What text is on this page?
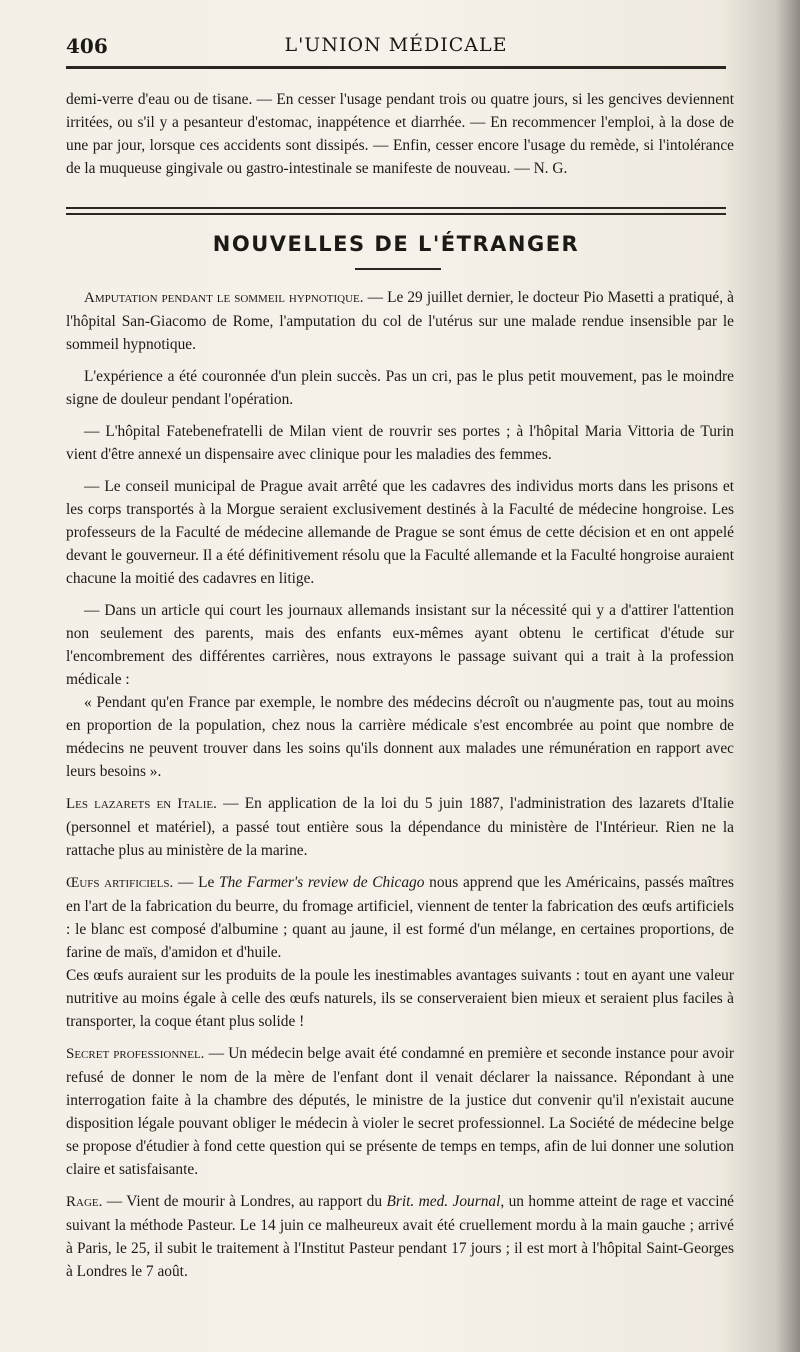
406	L'UNION MÉDICALE
demi-verre d'eau ou de tisane. — En cesser l'usage pendant trois ou quatre jours, si les gencives deviennent irritées, ou s'il y a pesanteur d'estomac, inappétence et diarrhée. — En recommencer l'emploi, à la dose de une par jour, lorsque ces accidents sont dissipés. — Enfin, cesser encore l'usage du remède, si l'intolérance de la muqueuse gingivale ou gastro-intestinale se manifeste de nouveau. — N. G.
NOUVELLES DE L'ÉTRANGER

Amputation pendant le sommeil hypnotique. — Le 29 juillet dernier, le docteur Pio Masetti a pratiqué, à l'hôpital San-Giacomo de Rome, l'amputation du col de l'utérus sur une malade rendue insensible par le sommeil hypnotique.

L'expérience a été couronnée d'un plein succès. Pas un cri, pas le plus petit mouvement, pas le moindre signe de douleur pendant l'opération.

— L'hôpital Fatebenefratelli de Milan vient de rouvrir ses portes ; à l'hôpital Maria Vittoria de Turin vient d'être annexé un dispensaire avec clinique pour les maladies des femmes.

— Le conseil municipal de Prague avait arrêté que les cadavres des individus morts dans les prisons et les corps transportés à la Morgue seraient exclusivement destinés à la Faculté de médecine hongroise. Les professeurs de la Faculté de médecine allemande de Prague se sont émus de cette décision et en ont appelé devant le gouverneur. Il a été définitivement résolu que la Faculté allemande et la Faculté hongroise auraient chacune la moitié des cadavres en litige.

— Dans un article qui court les journaux allemands insistant sur la nécessité qui y a d'attirer l'attention non seulement des parents, mais des enfants eux-mêmes ayant obtenu le certificat d'étude sur l'encombrement des différentes carrières, nous extrayons le passage suivant qui a trait à la profession médicale :

« Pendant qu'en France par exemple, le nombre des médecins décroît ou n'augmente pas, tout au moins en proportion de la population, chez nous la carrière médicale s'est encombrée au point que nombre de médecins ne peuvent trouver dans les soins qu'ils donnent aux malades une rémunération en rapport avec leurs besoins ».

Les lazarets en Italie. — En application de la loi du 5 juin 1887, l'administration des lazarets d'Italie (personnel et matériel), a passé tout entière sous la dépendance du ministère de l'Intérieur. Rien ne la rattache plus au ministère de la marine.

Œufs artificiels. — Le The Farmer's review de Chicago nous apprend que les Américains, passés maîtres en l'art de la fabrication du beurre, du fromage artificiel, viennent de tenter la fabrication des œufs artificiels : le blanc est composé d'albumine ; quant au jaune, il est formé d'un mélange, en certaines proportions, de farine de maïs, d'amidon et d'huile.

Ces œufs auraient sur les produits de la poule les inestimables avantages suivants : tout en ayant une valeur nutritive au moins égale à celle des œufs naturels, ils se conserveraient bien mieux et seraient plus faciles à transporter, la coque étant plus solide !

Secret professionnel. — Un médecin belge avait été condamné en première et seconde instance pour avoir refusé de donner le nom de la mère de l'enfant dont il venait déclarer la naissance. Répondant à une interrogation faite à la chambre des députés, le ministre de la justice dut convenir qu'il n'existait aucune disposition légale pouvant obliger le médecin à violer le secret professionnel. La Société de médecine belge se propose d'étudier à fond cette question qui se présente de temps en temps, afin de lui donner une solution claire et satisfaisante.

Rage. — Vient de mourir à Londres, au rapport du Brit. med. Journal, un homme atteint de rage et vacciné suivant la méthode Pasteur. Le 14 juin ce malheureux avait été cruellement mordu à la main gauche ; arrivé à Paris, le 25, il subit le traitement à l'Institut Pasteur pendant 17 jours ; il est mort à l'hôpital Saint-Georges à Londres le 7 août.
